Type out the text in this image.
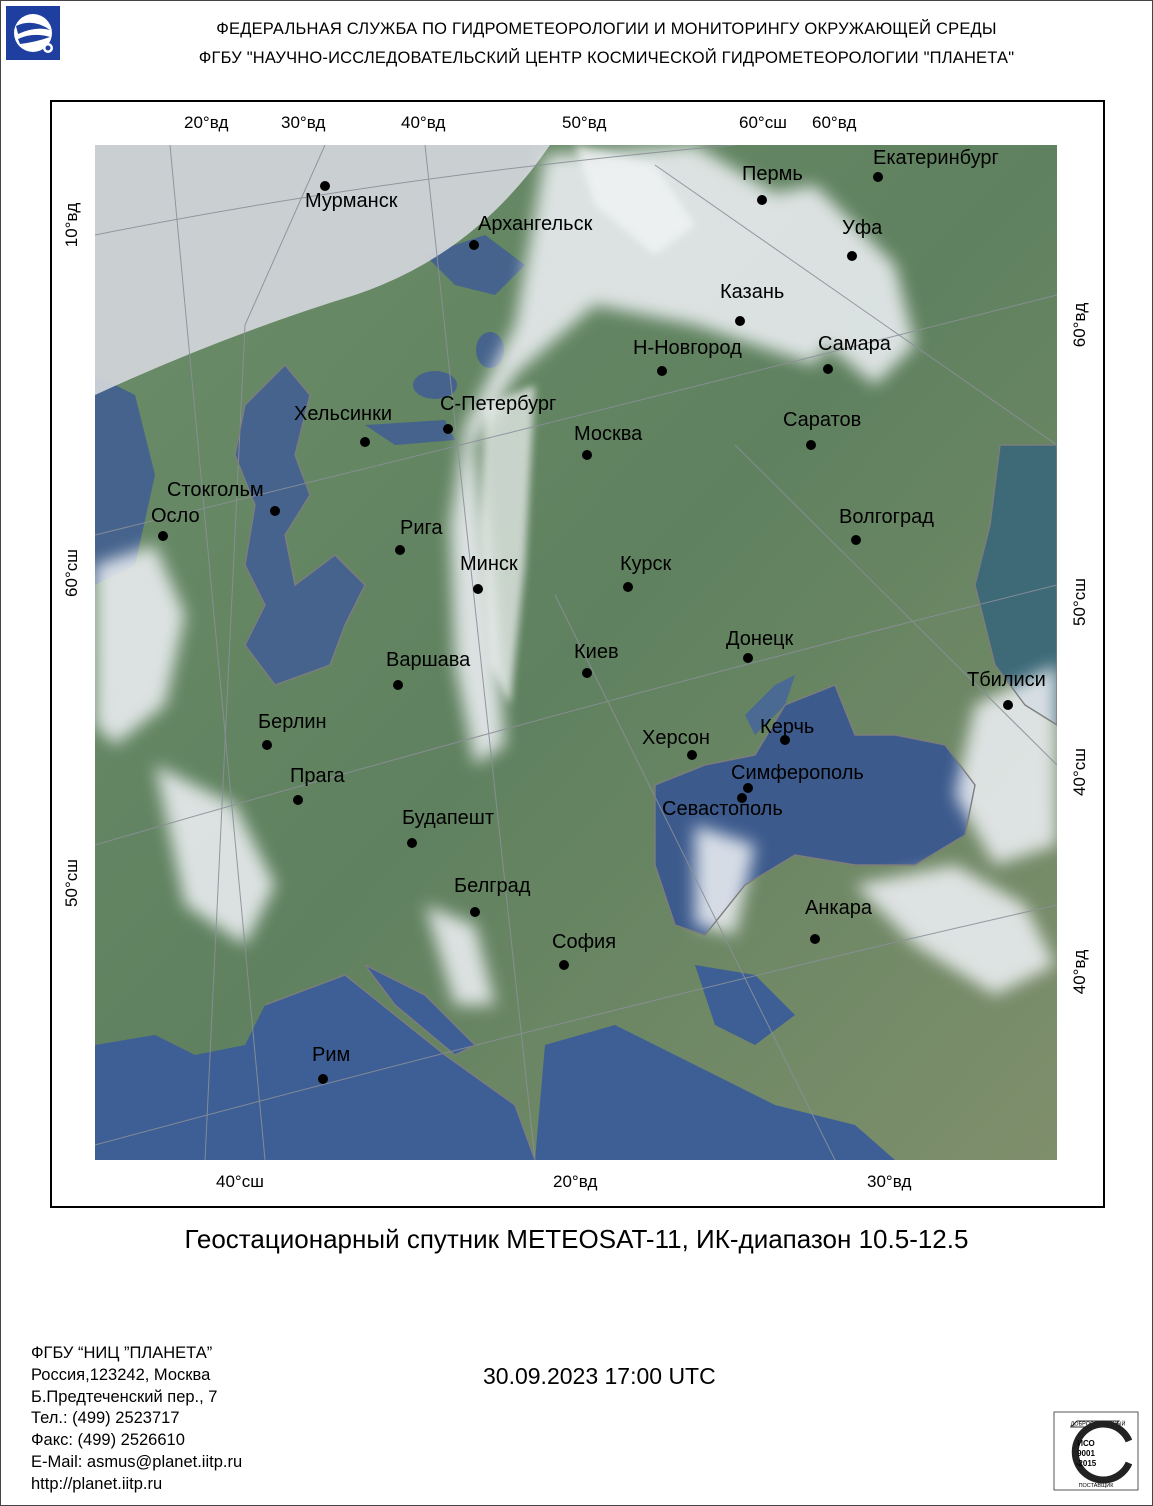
ФЕДЕРАЛЬНАЯ СЛУЖБА ПО ГИДРОМЕТЕОРОЛОГИИ И МОНИТОРИНГУ ОКРУЖАЮЩЕЙ СРЕДЫ
ФГБУ "НАУЧНО-ИССЛЕДОВАТЕЛЬСКИЙ ЦЕНТР КОСМИЧЕСКОЙ ГИДРОМЕТЕОРОЛОГИИ "ПЛАНЕТА"
20°вд	30°вд	40°вд	50°вд	60°сш 60°вд
40°сш	20°вд	30°вд
10°вд
60°сш
50°сш
60°вд
50°сш
40°сш
40°вд
Мурманск
Архангельск
Пермь
Екатеринбург
Уфа
Казань
Н-Новгород	Самара
С-Петербург
Хельсинки
Москва
Саратов
Стокгольм
Осло
Рига	Волгоград
Минск	Курск
Донецк
Варшава	Киев
Тбилиси
Берлин	Керчь
Херсон
Симферополь
Прага
Севастополь
Будапешт
Белград
Анкара
София
Рим
Геостационарный спутник METEOSAT-11, ИК-диапазон 10.5-12.5
30.09.2023 17:00 UTC
ФГБУ “НИЦ ”ПЛАНЕТА”
Россия,123242, Москва
Б.Предтеченский пер., 7
Тел.: (499) 2523717
Факс: (499) 2526610
E-Mail: asmus@planet.iitp.ru
http://planet.iitp.ru
ДОБРОСОВЕСТНЫЙ
ИСО
9001
-2015
ПОСТАВЩИК
